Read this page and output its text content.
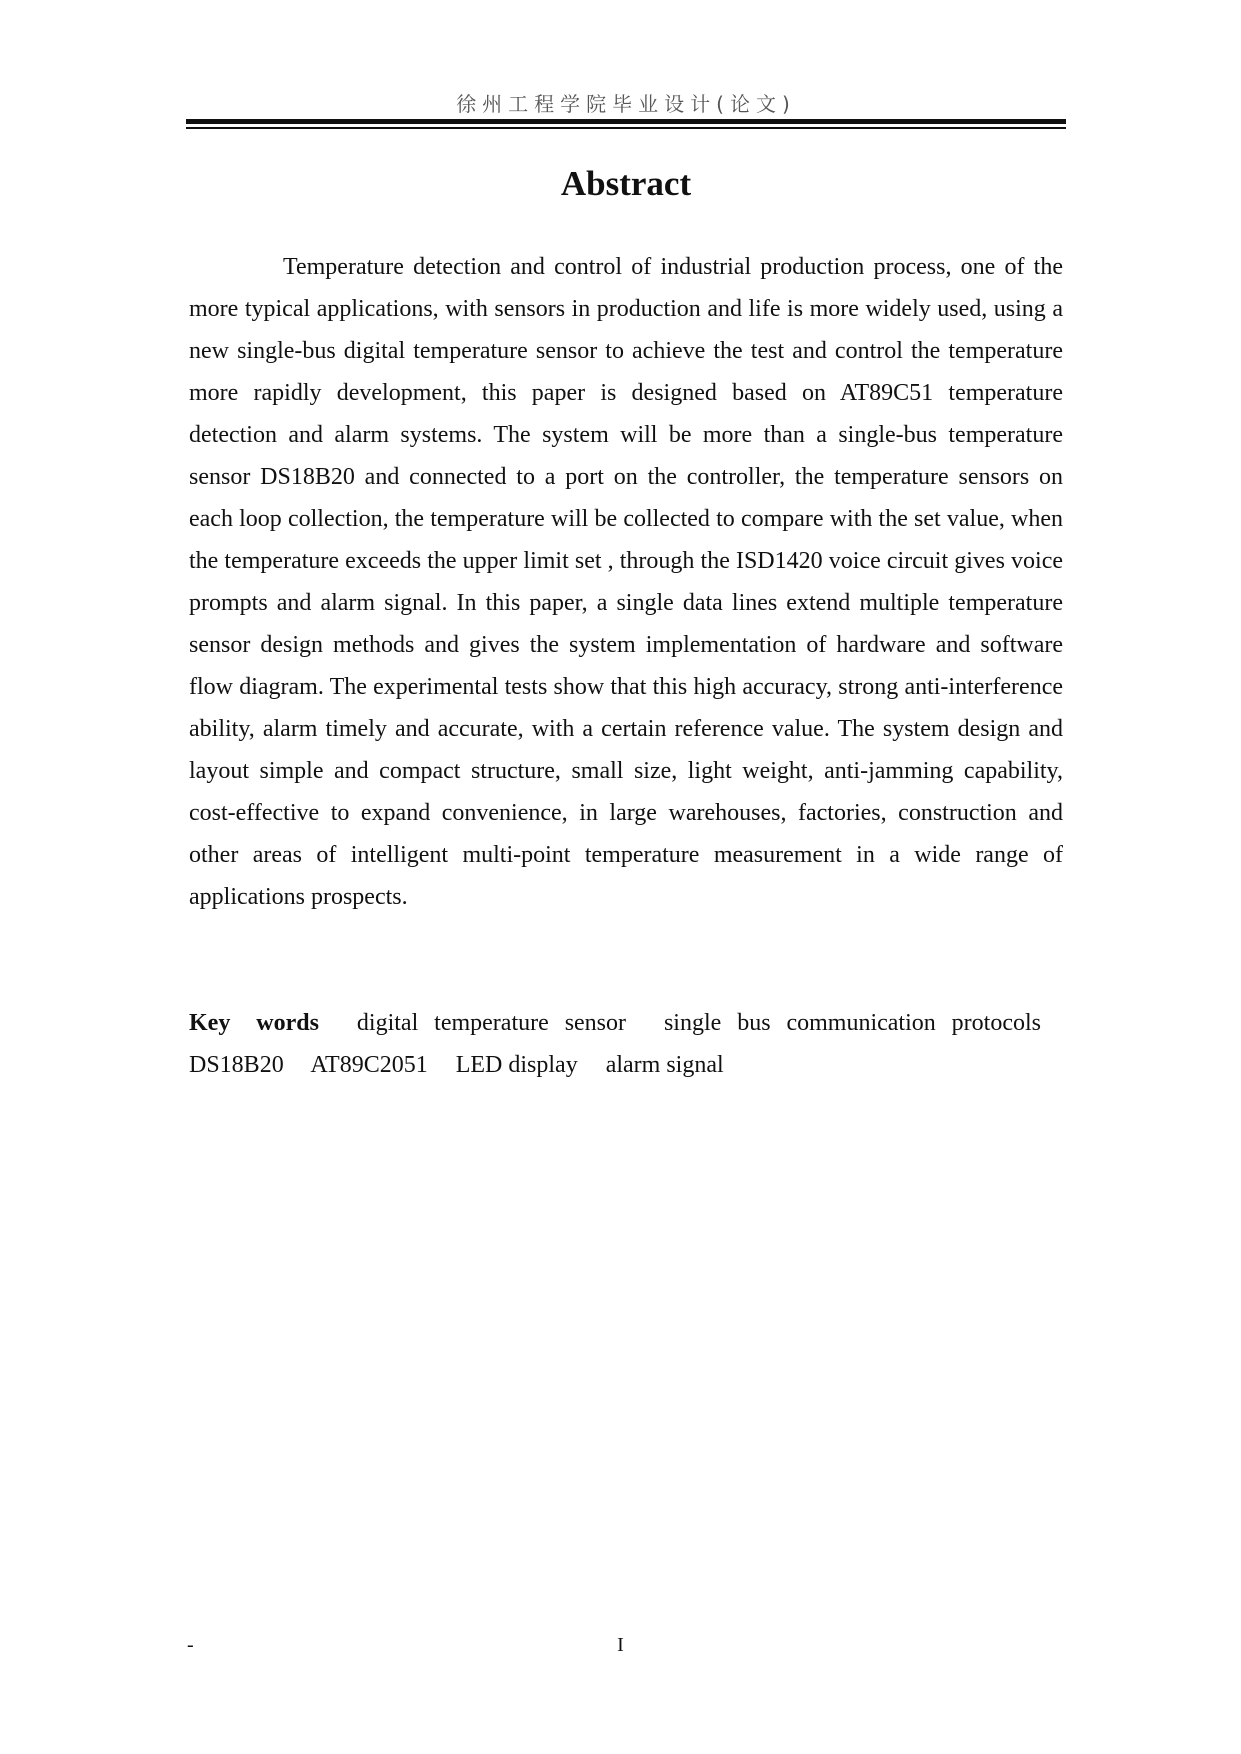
徐州工程学院毕业设计(论文)
Abstract

Temperature detection and control of industrial production process, one of the more typical applications, with sensors in production and life is more widely used, using a new single-bus digital temperature sensor to achieve the test and control the temperature more rapidly development, this paper is designed based on AT89C51 temperature detection and alarm systems. The system will be more than a single-bus temperature sensor DS18B20 and connected to a port on the controller, the temperature sensors on each loop collection, the temperature will be collected to compare with the set value, when the temperature exceeds the upper limit set , through the ISD1420 voice circuit gives voice prompts and alarm signal. In this paper, a single data lines extend multiple temperature sensor design methods and gives the system implementation of hardware and software flow diagram. The experimental tests show that this high accuracy, strong anti-interference ability, alarm timely and accurate, with a certain reference value. The system design and layout simple and compact structure, small size, light weight, anti-jamming capability, cost-effective to expand convenience, in large warehouses, factories, construction and other areas of intelligent multi-point temperature measurement in a wide range of applications prospects.

Key words digital temperature sensor single bus communication protocols DS18B20 AT89C2051 LED display alarm signal

-	I
